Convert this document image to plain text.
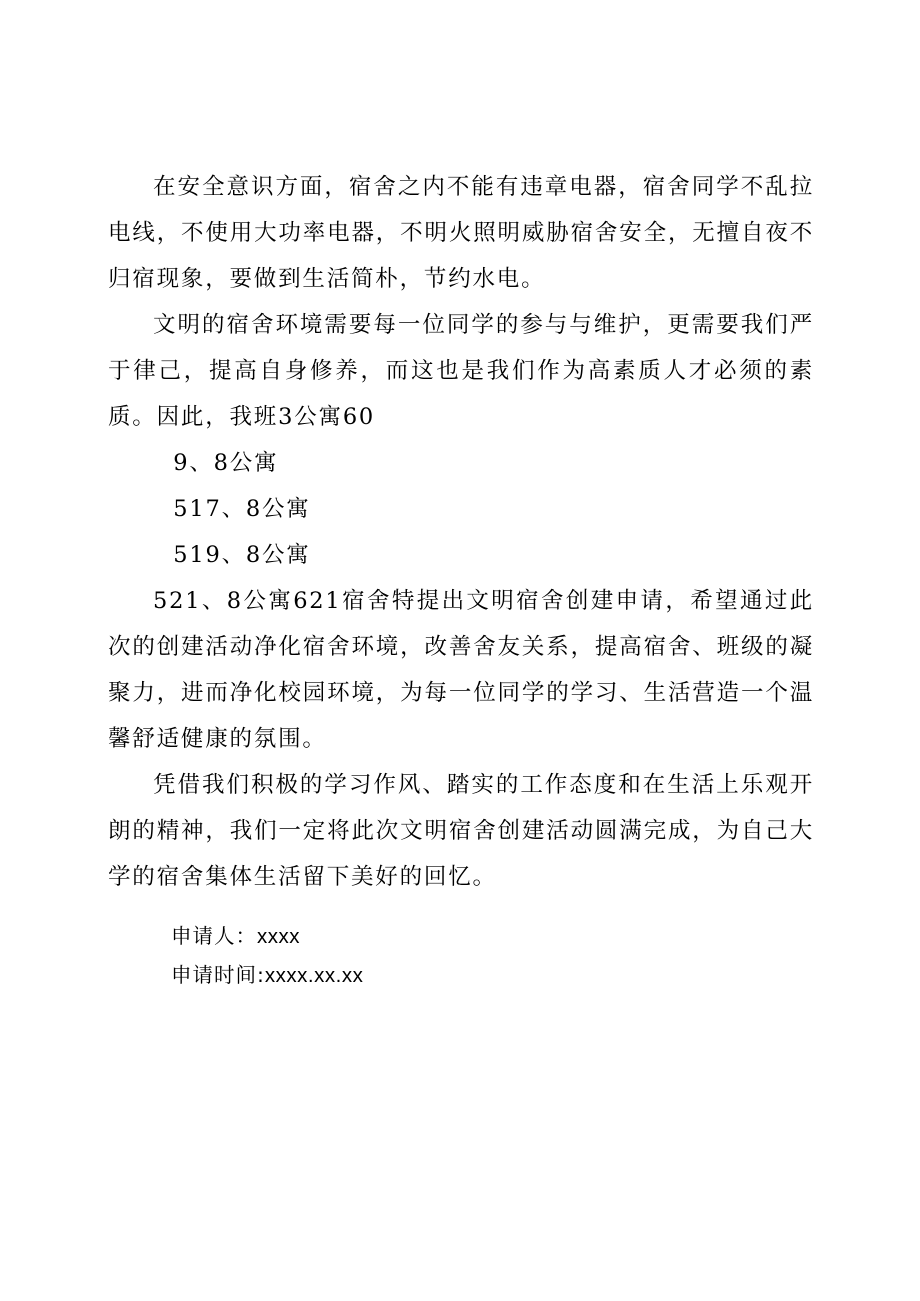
在安全意识方面，宿舍之内不能有违章电器，宿舍同学不乱拉电线，不使用大功率电器，不明火照明威胁宿舍安全，无擅自夜不归宿现象，要做到生活简朴，节约水电。

文明的宿舍环境需要每一位同学的参与与维护，更需要我们严于律己，提高自身修养，而这也是我们作为高素质人才必须的素质。因此，我班3公寓60

9、8公寓

517、8公寓

519、8公寓

521、8公寓621宿舍特提出文明宿舍创建申请，希望通过此次的创建活动净化宿舍环境，改善舍友关系，提高宿舍、班级的凝聚力，进而净化校园环境，为每一位同学的学习、生活营造一个温馨舒适健康的氛围。

凭借我们积极的学习作风、踏实的工作态度和在生活上乐观开朗的精神，我们一定将此次文明宿舍创建活动圆满完成，为自己大学的宿舍集体生活留下美好的回忆。

申请人：xxxx
申请时间:xxxx.xx.xx
